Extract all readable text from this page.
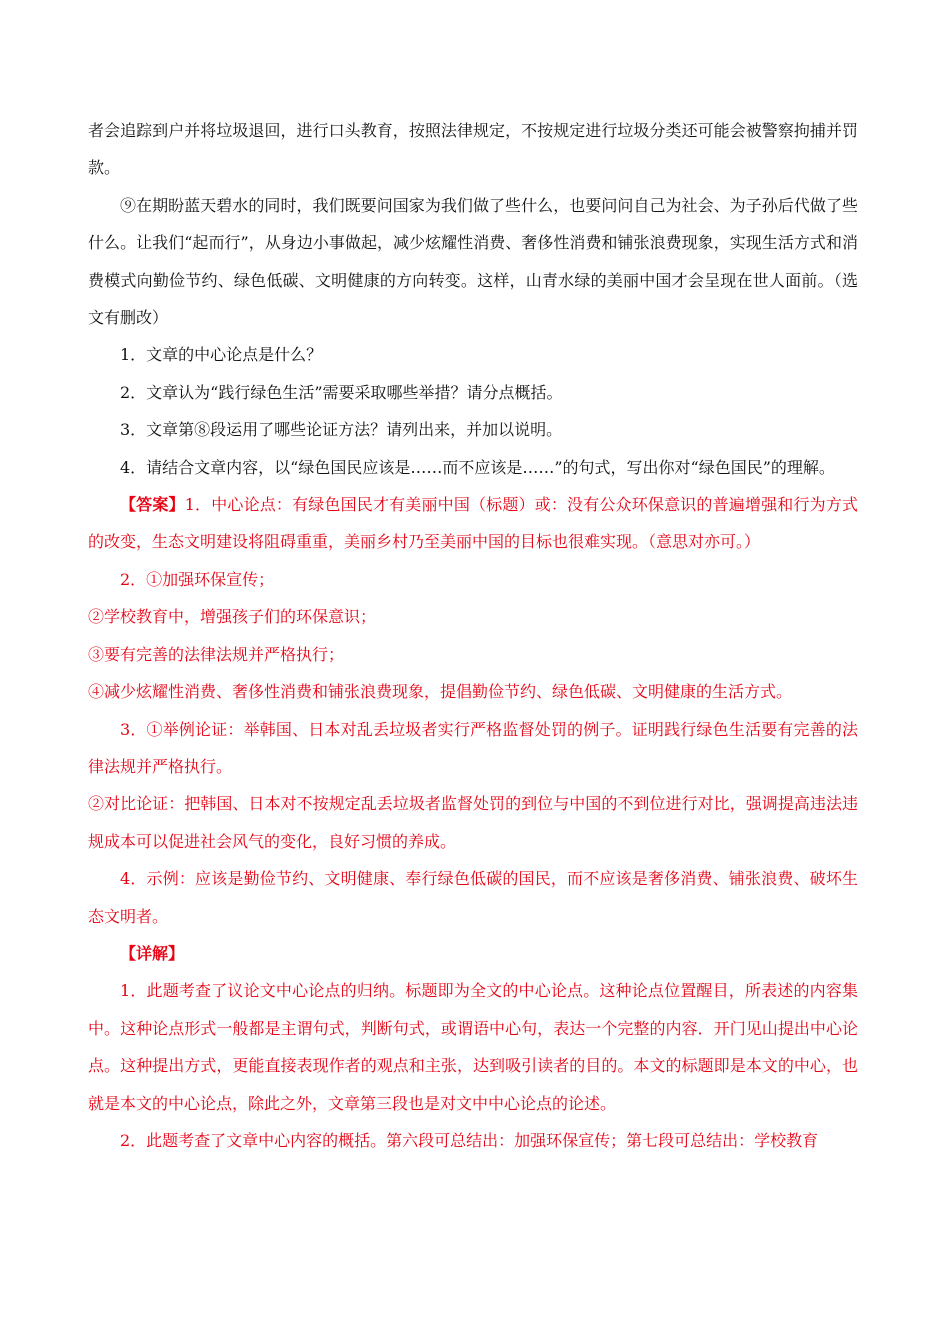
者会追踪到户并将垃圾退回，进行口头教育，按照法律规定，不按规定进行垃圾分类还可能会被警察拘捕并罚款。

⑨在期盼蓝天碧水的同时，我们既要问国家为我们做了些什么，也要问问自己为社会、为子孙后代做了些什么。让我们“起而行”，从身边小事做起，减少炫耀性消费、奢侈性消费和铺张浪费现象，实现生活方式和消费模式向勤俭节约、绿色低碳、文明健康的方向转变。这样，山青水绿的美丽中国才会呈现在世人面前。（选文有删改）

1．文章的中心论点是什么？

2．文章认为“践行绿色生活”需要采取哪些举措？请分点概括。

3．文章第⑧段运用了哪些论证方法？请列出来，并加以说明。

4．请结合文章内容，以“绿色国民应该是……而不应该是……”的句式，写出你对“绿色国民”的理解。

【答案】1．中心论点：有绿色国民才有美丽中国（标题）或：没有公众环保意识的普遍增强和行为方式的改变，生态文明建设将阻碍重重，美丽乡村乃至美丽中国的目标也很难实现。（意思对亦可。）

2．①加强环保宣传；

②学校教育中，增强孩子们的环保意识；

③要有完善的法律法规并严格执行；

④减少炫耀性消费、奢侈性消费和铺张浪费现象，提倡勤俭节约、绿色低碳、文明健康的生活方式。

3．①举例论证：举韩国、日本对乱丢垃圾者实行严格监督处罚的例子。证明践行绿色生活要有完善的法律法规并严格执行。

②对比论证：把韩国、日本对不按规定乱丢垃圾者监督处罚的到位与中国的不到位进行对比，强调提高违法违规成本可以促进社会风气的变化，良好习惯的养成。

4．示例：应该是勤俭节约、文明健康、奉行绿色低碳的国民，而不应该是奢侈消费、铺张浪费、破坏生态文明者。

【详解】

1．此题考查了议论文中心论点的归纳。标题即为全文的中心论点。这种论点位置醒目，所表述的内容集中。这种论点形式一般都是主谓句式，判断句式，或谓语中心句，表达一个完整的内容．开门见山提出中心论点。这种提出方式，更能直接表现作者的观点和主张，达到吸引读者的目的。本文的标题即是本文的中心，也就是本文的中心论点，除此之外，文章第三段也是对文中中心论点的论述。

2．此题考查了文章中心内容的概括。第六段可总结出：加强环保宣传；第七段可总结出：学校教育
